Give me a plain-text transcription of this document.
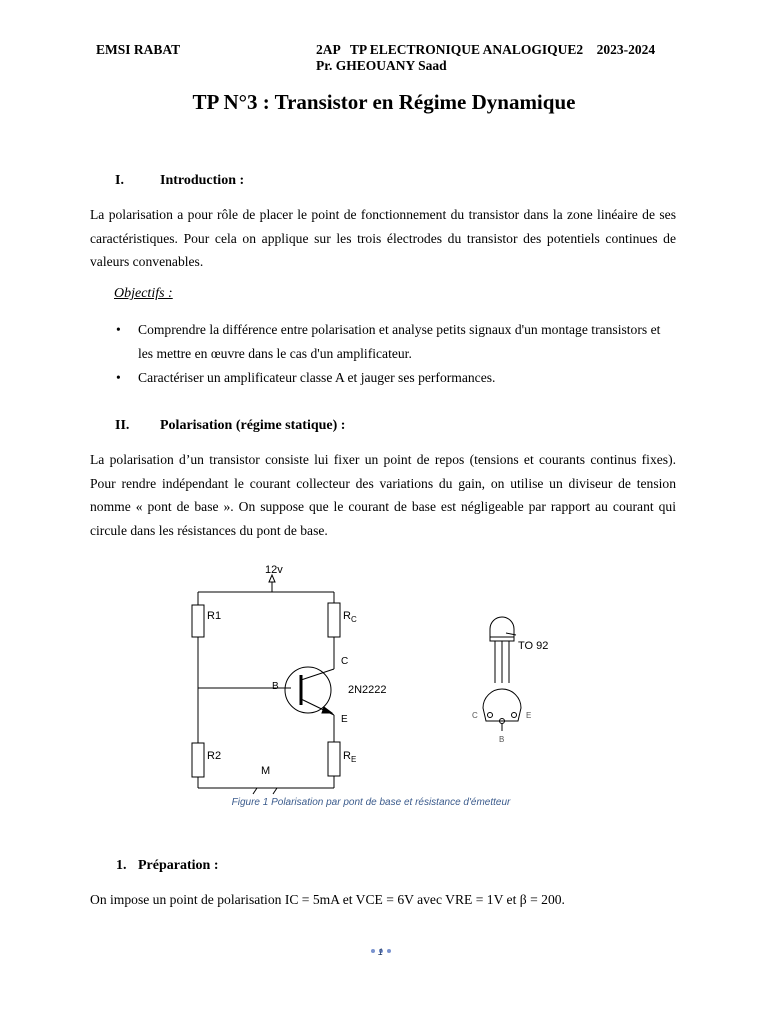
EMSI RABAT	2AP   TP ELECTRONIQUE ANALOGIQUE2    2023-2024
Pr. GHEOUANY Saad
TP N°3 : Transistor en Régime Dynamique
I.	Introduction :
La polarisation a pour rôle de placer le point de fonctionnement du transistor dans la zone linéaire de ses caractéristiques. Pour cela on applique sur les trois électrodes du transistor des potentiels continues de valeurs convenables.
Objectifs :
• Comprendre la différence entre polarisation et analyse petits signaux d'un montage transistors et les mettre en œuvre dans le cas d'un amplificateur.
• Caractériser un amplificateur classe A et jauger ses performances.
II. Polarisation (régime statique) :
La polarisation d’un transistor consiste lui fixer un point de repos (tensions et courants continus fixes). Pour rendre indépendant le courant collecteur des variations du gain, on utilise un diviseur de tension nomme « pont de base ». On suppose que le courant de base est négligeable par rapport au courant qui circule dans les résistances du pont de base.
12v
R1
R2
$R_C$
$R_E$
B
C
E
2N2222
M
TO 92
C	E
B
Figure 1 Polarisation par pont de base et résistance d'émetteur
1. Préparation :
On impose un point de polarisation IC = 5mA et VCE = 6V avec VRE = 1V et β = 200.
1
